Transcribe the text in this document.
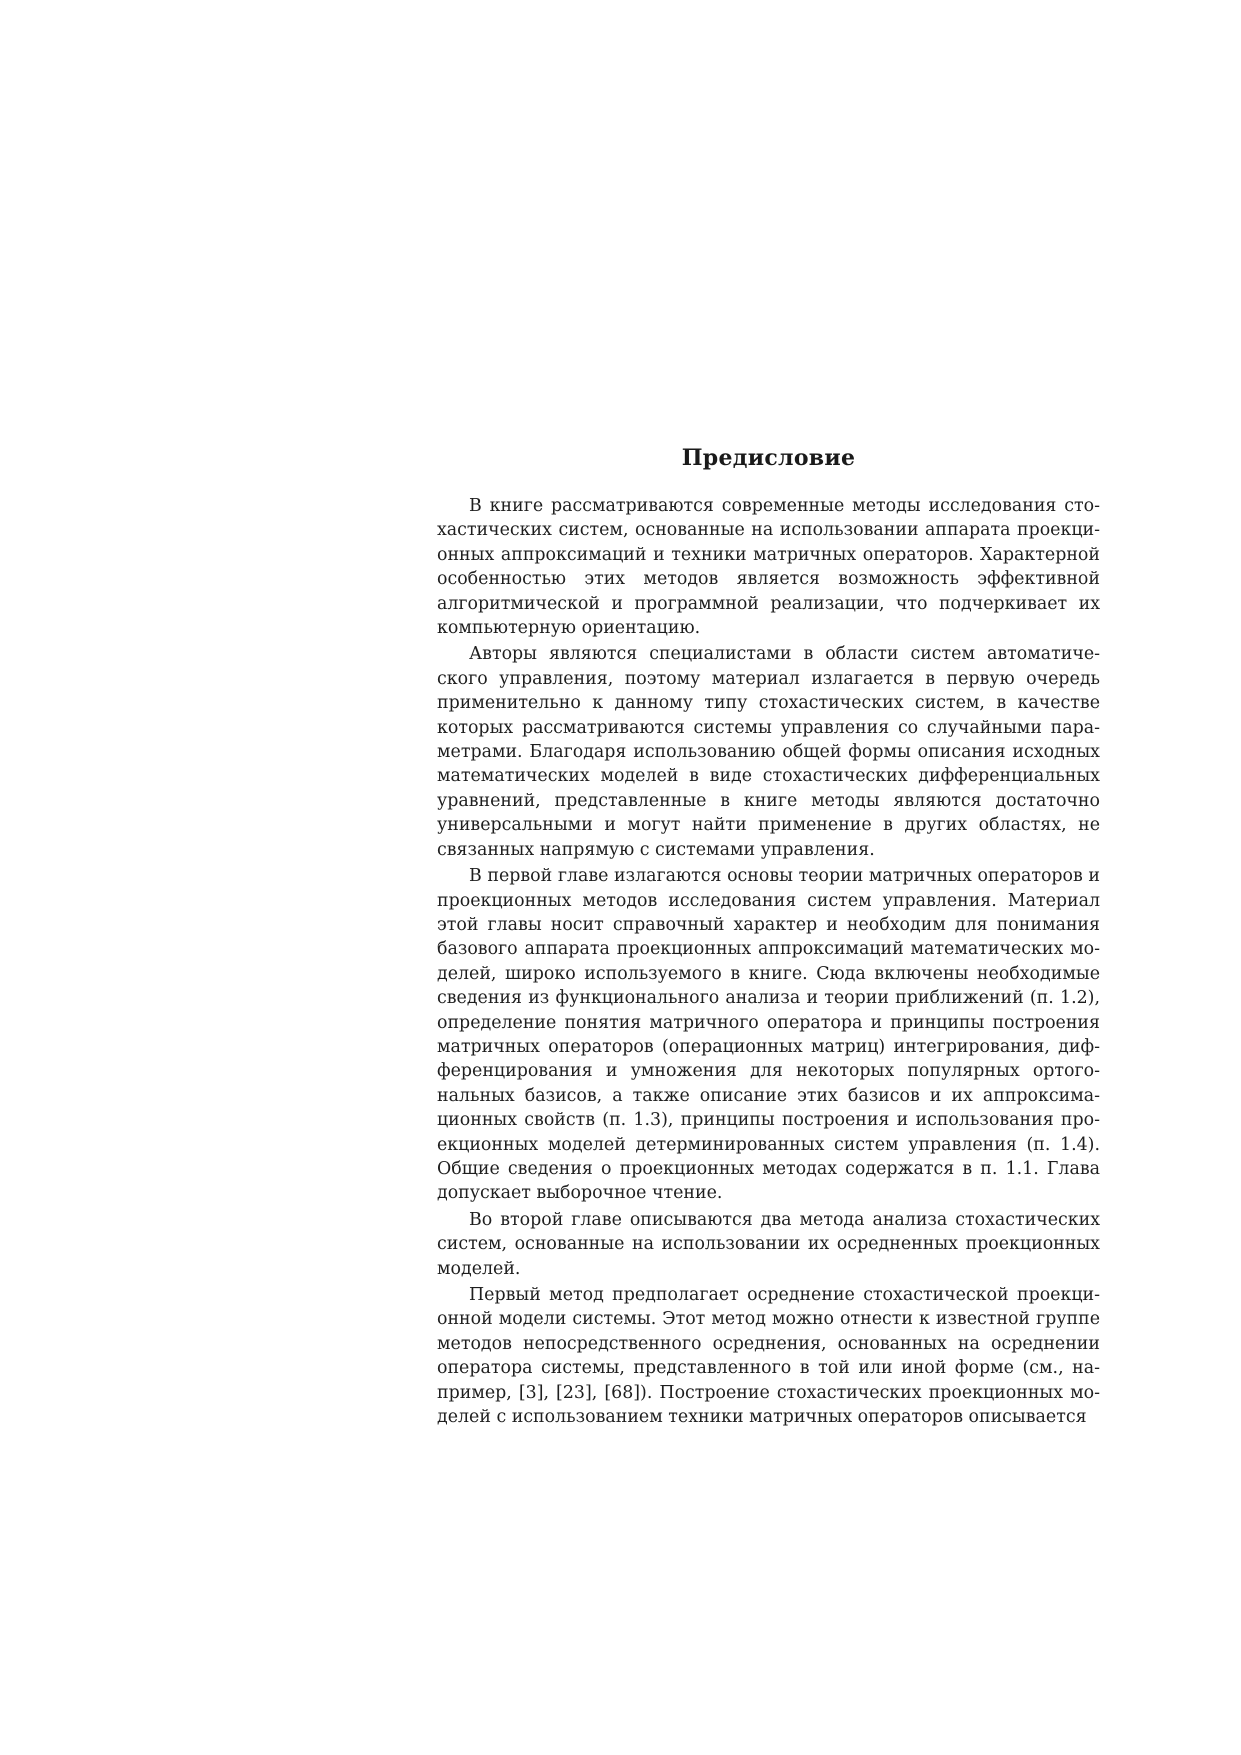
Предисловие

В книге рассматриваются современные методы исследования стохастических систем, основанные на использовании аппарата проекционных аппроксимаций и техники матричных операторов. Характерной особенностью этих методов является возможность эффективной алгоритмической и программной реализации, что подчеркивает их компьютерную ориентацию.

Авторы являются специалистами в области систем автоматического управления, поэтому материал излагается в первую очередь применительно к данному типу стохастических систем, в качестве которых рассматриваются системы управления со случайными параметрами. Благодаря использованию общей формы описания исходных математических моделей в виде стохастических дифференциальных уравнений, представленные в книге методы являются достаточно универсальными и могут найти применение в других областях, не связанных напрямую с системами управления.

В первой главе излагаются основы теории матричных операторов и проекционных методов исследования систем управления. Материал этой главы носит справочный характер и необходим для понимания базового аппарата проекционных аппроксимаций математических моделей, широко используемого в книге. Сюда включены необходимые сведения из функционального анализа и теории приближений (п. 1.2), определение понятия матричного оператора и принципы построения матричных операторов (операционных матриц) интегрирования, дифференцирования и умножения для некоторых популярных ортогональных базисов, а также описание этих базисов и их аппроксимационных свойств (п. 1.3), принципы построения и использования проекционных моделей детерминированных систем управления (п. 1.4). Общие сведения о проекционных методах содержатся в п. 1.1. Глава допускает выборочное чтение.

Во второй главе описываются два метода анализа стохастических систем, основанные на использовании их осредненных проекционных моделей.

Первый метод предполагает осреднение стохастической проекционной модели системы. Этот метод можно отнести к известной группе методов непосредственного осреднения, основанных на осреднении оператора системы, представленного в той или иной форме (см., например, [3], [23], [68]). Построение стохастических проекционных моделей с использованием техники матричных операторов описывается
